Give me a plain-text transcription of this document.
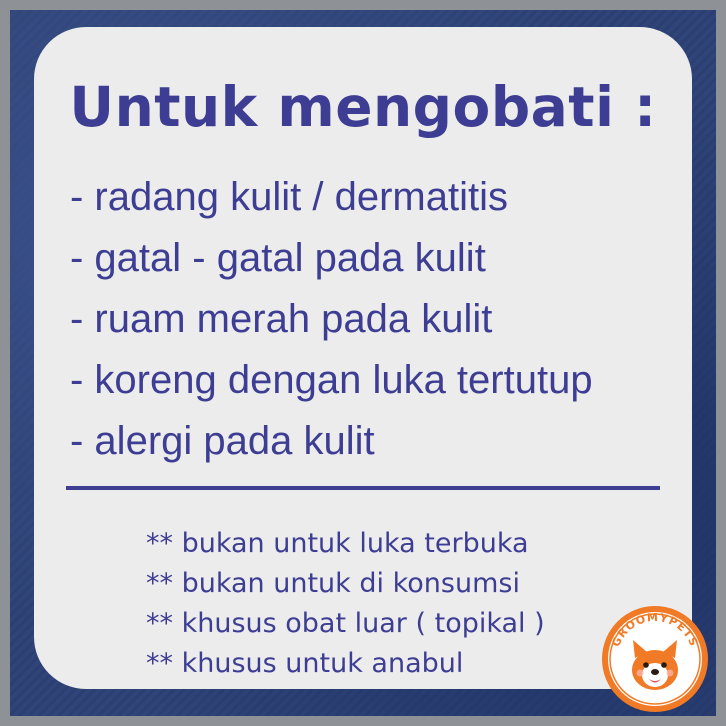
Untuk mengobati :
- radang kulit / dermatitis
- gatal - gatal pada kulit
- ruam merah pada kulit
- koreng dengan luka tertutup
- alergi pada kulit
** bukan untuk luka terbuka
** bukan untuk di konsumsi
** khusus obat luar ( topikal )
** khusus untuk anabul
GROOMYPETS
